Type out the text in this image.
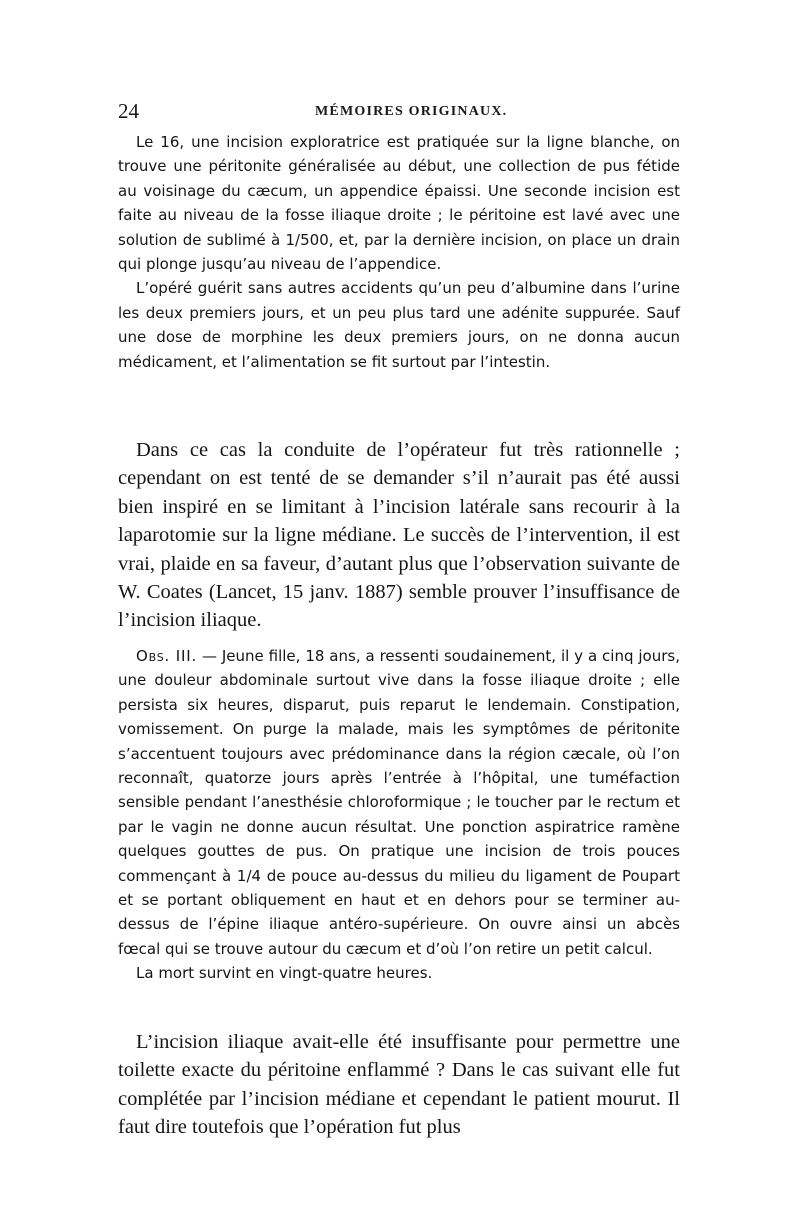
24	MÉMOIRES ORIGINAUX.

Le 16, une incision exploratrice est pratiquée sur la ligne blanche, on trouve une péritonite généralisée au début, une collection de pus fétide au voisinage du cæcum, un appendice épaissi. Une seconde incision est faite au niveau de la fosse iliaque droite ; le péritoine est lavé avec une solution de sublimé à 1/500, et, par la dernière incision, on place un drain qui plonge jusqu’au niveau de l’appendice.

L’opéré guérit sans autres accidents qu’un peu d’albumine dans l’urine les deux premiers jours, et un peu plus tard une adénite suppurée. Sauf une dose de morphine les deux premiers jours, on ne donna aucun médicament, et l’alimentation se fit surtout par l’intestin.

Dans ce cas la conduite de l’opérateur fut très rationnelle ; cependant on est tenté de se demander s’il n’aurait pas été aussi bien inspiré en se limitant à l’incision latérale sans recourir à la laparotomie sur la ligne médiane. Le succès de l’intervention, il est vrai, plaide en sa faveur, d’autant plus que l’observation suivante de W. Coates (Lancet, 15 janv. 1887) semble prouver l’insuffisance de l’incision iliaque.

Obs. III. — Jeune fille, 18 ans, a ressenti soudainement, il y a cinq jours, une douleur abdominale surtout vive dans la fosse iliaque droite ; elle persista six heures, disparut, puis reparut le lendemain. Constipation, vomissement. On purge la malade, mais les symptômes de péritonite s’accentuent toujours avec prédominance dans la région cæcale, où l’on reconnaît, quatorze jours après l’entrée à l’hôpital, une tuméfaction sensible pendant l’anesthésie chloroformique ; le toucher par le rectum et par le vagin ne donne aucun résultat. Une ponction aspiratrice ramène quelques gouttes de pus. On pratique une incision de trois pouces commençant à 1/4 de pouce au-dessus du milieu du ligament de Poupart et se portant obliquement en haut et en dehors pour se terminer au-dessus de l’épine iliaque antéro-supérieure. On ouvre ainsi un abcès fœcal qui se trouve autour du cæcum et d’où l’on retire un petit calcul.

La mort survint en vingt-quatre heures.

L’incision iliaque avait-elle été insuffisante pour permettre une toilette exacte du péritoine enflammé ? Dans le cas suivant elle fut complétée par l’incision médiane et cependant le patient mourut. Il faut dire toutefois que l’opération fut plus
